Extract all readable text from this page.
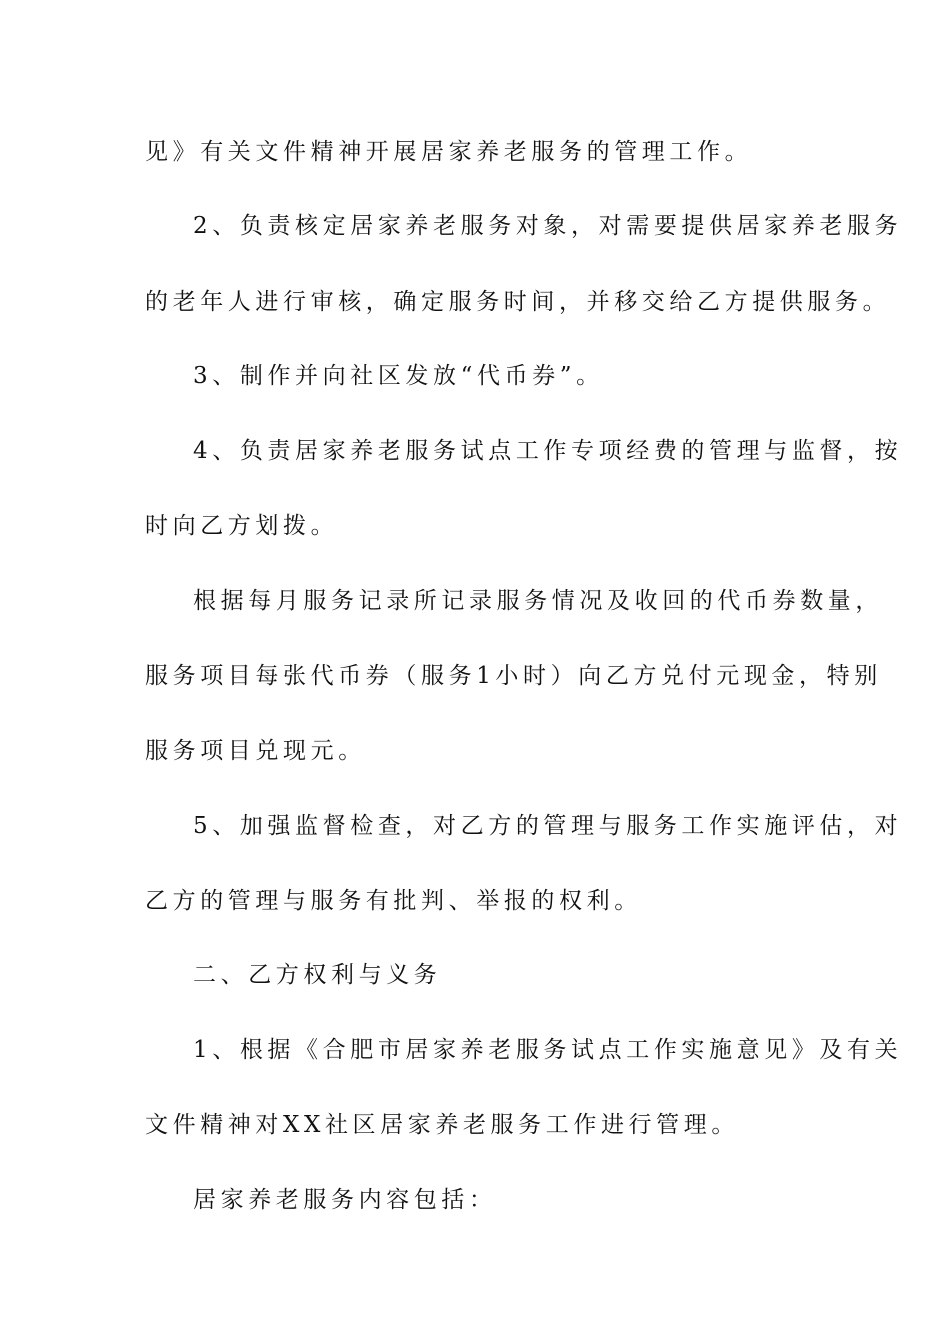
见》有关文件精神开展居家养老服务的管理工作。
2、负责核定居家养老服务对象，对需要提供居家养老服务
的老年人进行审核，确定服务时间，并移交给乙方提供服务。
3、制作并向社区发放“代币券”。
4、负责居家养老服务试点工作专项经费的管理与监督，按
时向乙方划拨。
根据每月服务记录所记录服务情况及收回的代币券数量，
服务项目每张代币券（服务1小时）向乙方兑付元现金，特别
服务项目兑现元。
5、加强监督检查，对乙方的管理与服务工作实施评估，对
乙方的管理与服务有批判、举报的权利。
二、乙方权利与义务
1、根据《合肥市居家养老服务试点工作实施意见》及有关
文件精神对XX社区居家养老服务工作进行管理。
居家养老服务内容包括：
